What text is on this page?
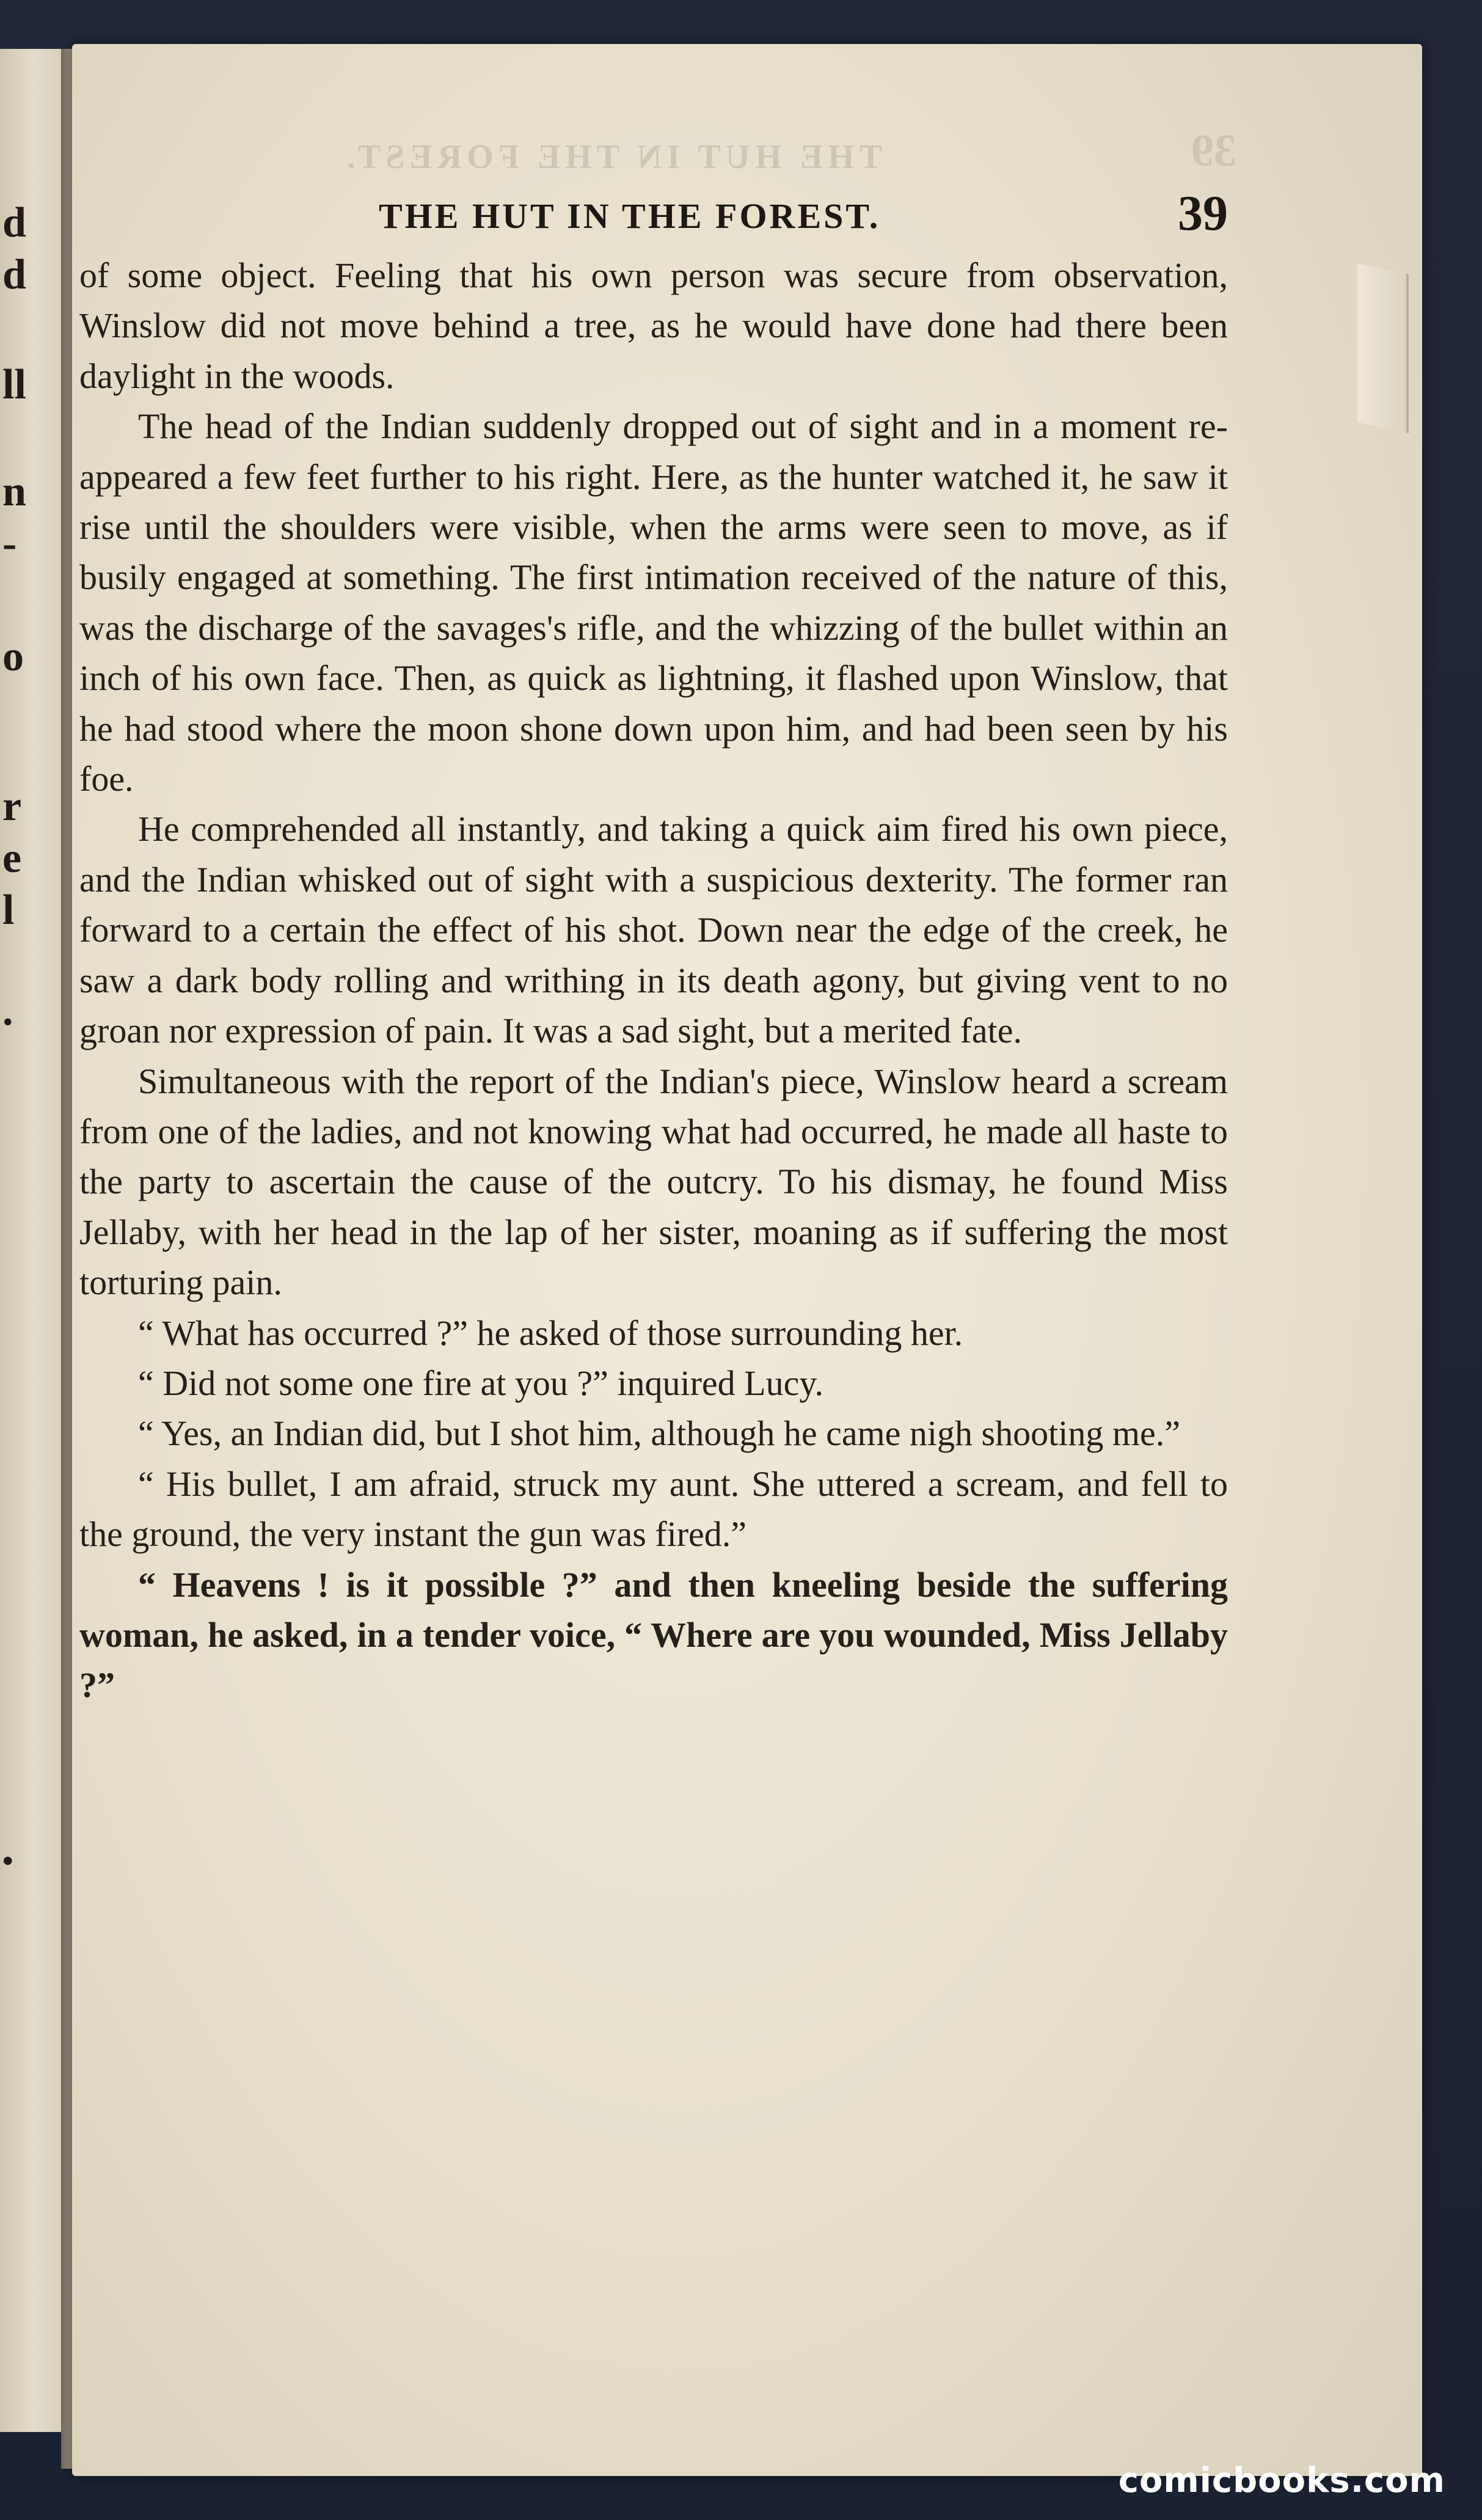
d
d
ll
n
-
o
r
e
l
.
•
THE HUT IN THE FOREST.	39
THE HUT IN THE FOREST.	39

of some object. Feeling that his own person was secure from observation, Winslow did not move behind a tree, as he would have done had there been daylight in the woods.

The head of the Indian suddenly dropped out of sight and in a moment re-appeared a few feet further to his right. Here, as the hunter watched it, he saw it rise until the shoulders were visible, when the arms were seen to move, as if busily engaged at something. The first intimation received of the nature of this, was the discharge of the savages's rifle, and the whizzing of the bullet within an inch of his own face. Then, as quick as lightning, it flashed upon Winslow, that he had stood where the moon shone down upon him, and had been seen by his foe.

He comprehended all instantly, and taking a quick aim fired his own piece, and the Indian whisked out of sight with a suspicious dexterity. The former ran forward to a certain the effect of his shot. Down near the edge of the creek, he saw a dark body rolling and writhing in its death agony, but giving vent to no groan nor expression of pain. It was a sad sight, but a merited fate.

Simultaneous with the report of the Indian's piece, Winslow heard a scream from one of the ladies, and not knowing what had occurred, he made all haste to the party to ascertain the cause of the outcry. To his dismay, he found Miss Jellaby, with her head in the lap of her sister, moaning as if suffering the most torturing pain.

“ What has occurred ?” he asked of those surrounding her.

“ Did not some one fire at you ?” inquired Lucy.

“ Yes, an Indian did, but I shot him, although he came nigh shooting me.”

“ His bullet, I am afraid, struck my aunt. She uttered a scream, and fell to the ground, the very instant the gun was fired.”

“ Heavens ! is it possible ?” and then kneeling beside the suffering woman, he asked, in a tender voice, “ Where are you wounded, Miss Jellaby ?”

comicbooks.com
